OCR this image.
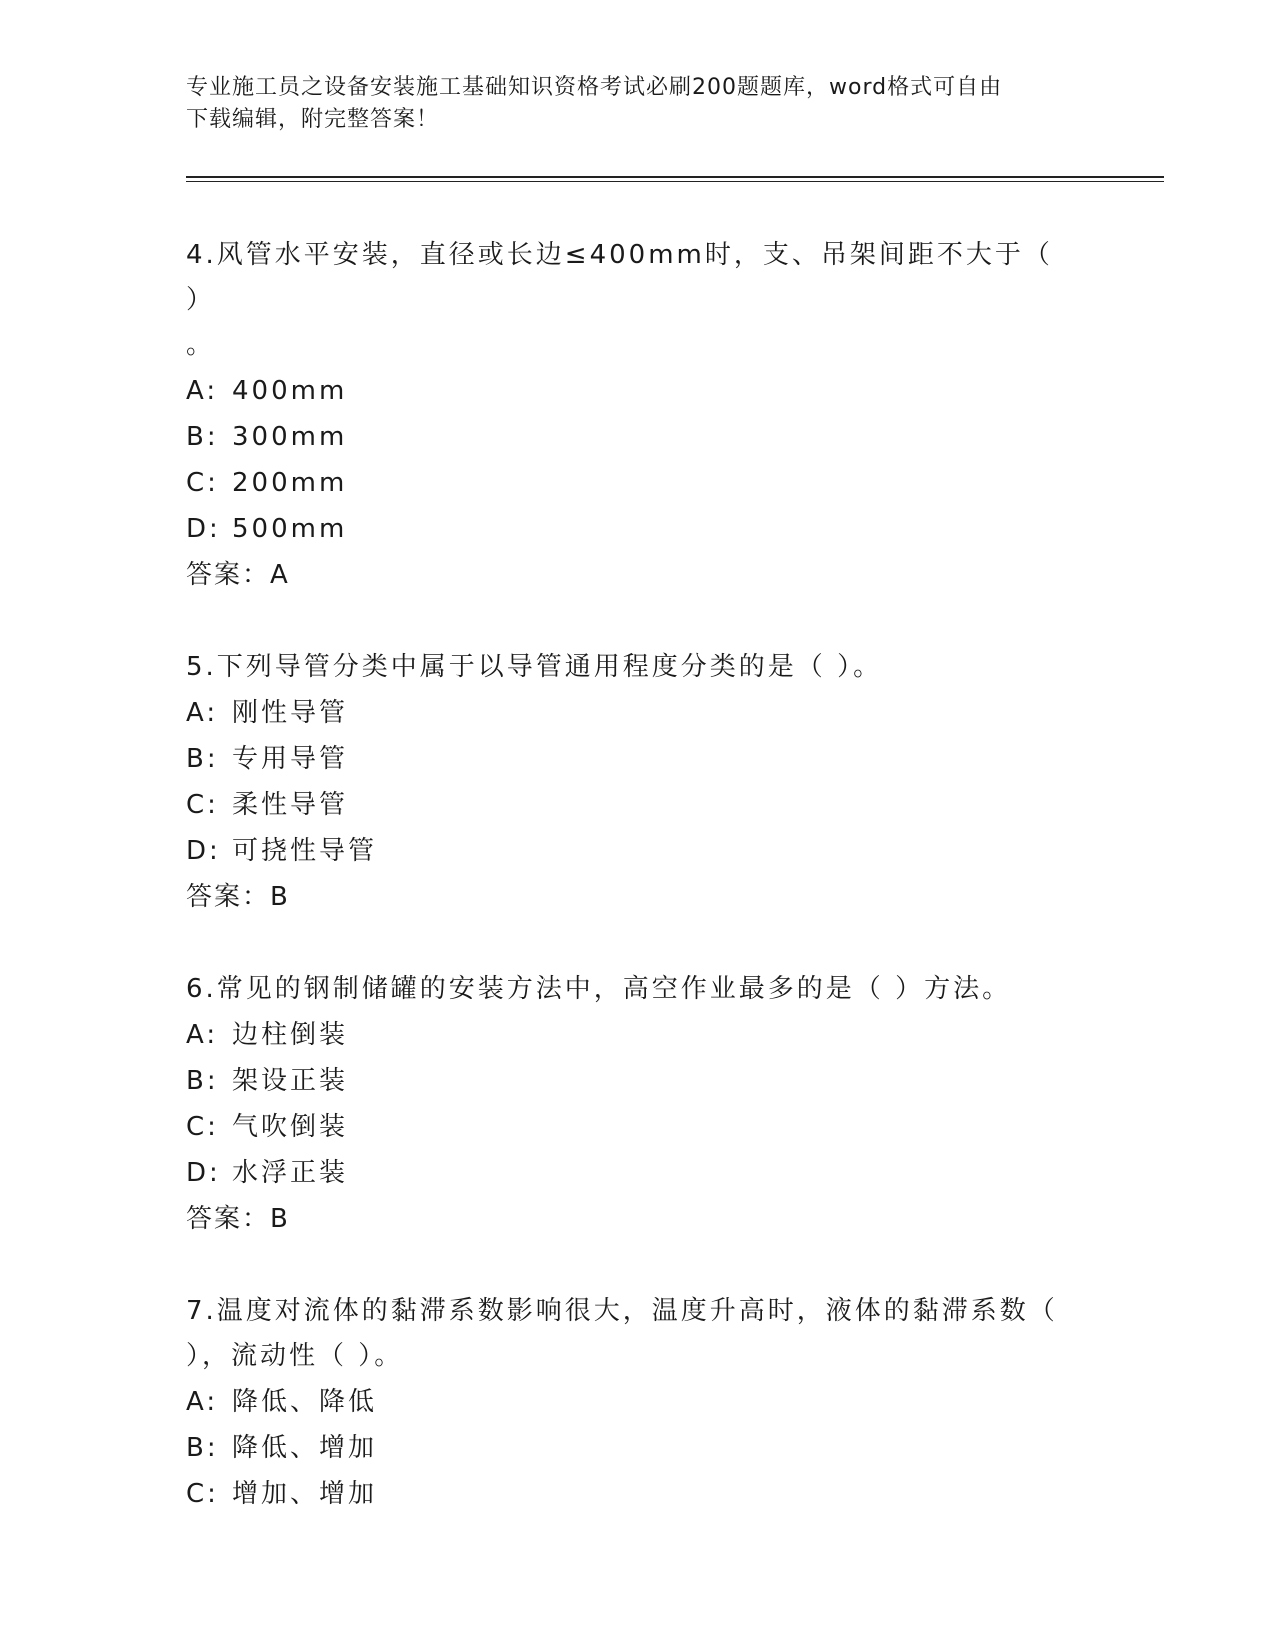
专业施工员之设备安装施工基础知识资格考试必刷200题题库，word格式可自由
下载编辑，附完整答案！

4.风管水平安装，直径或长边≤400mm时，支、吊架间距不大于（ ）
。

A: 400mm

B: 300mm

C: 200mm

D: 500mm

答案：A

5.下列导管分类中属于以导管通用程度分类的是（ ）。

A: 刚性导管

B: 专用导管

C: 柔性导管

D: 可挠性导管

答案：B

6.常见的钢制储罐的安装方法中，高空作业最多的是（ ）方法。

A: 边柱倒装

B: 架设正装

C: 气吹倒装

D: 水浮正装

答案：B

7.温度对流体的黏滞系数影响很大，温度升高时，液体的黏滞系数（
），流动性（ ）。

A: 降低、降低

B: 降低、增加

C: 增加、增加
